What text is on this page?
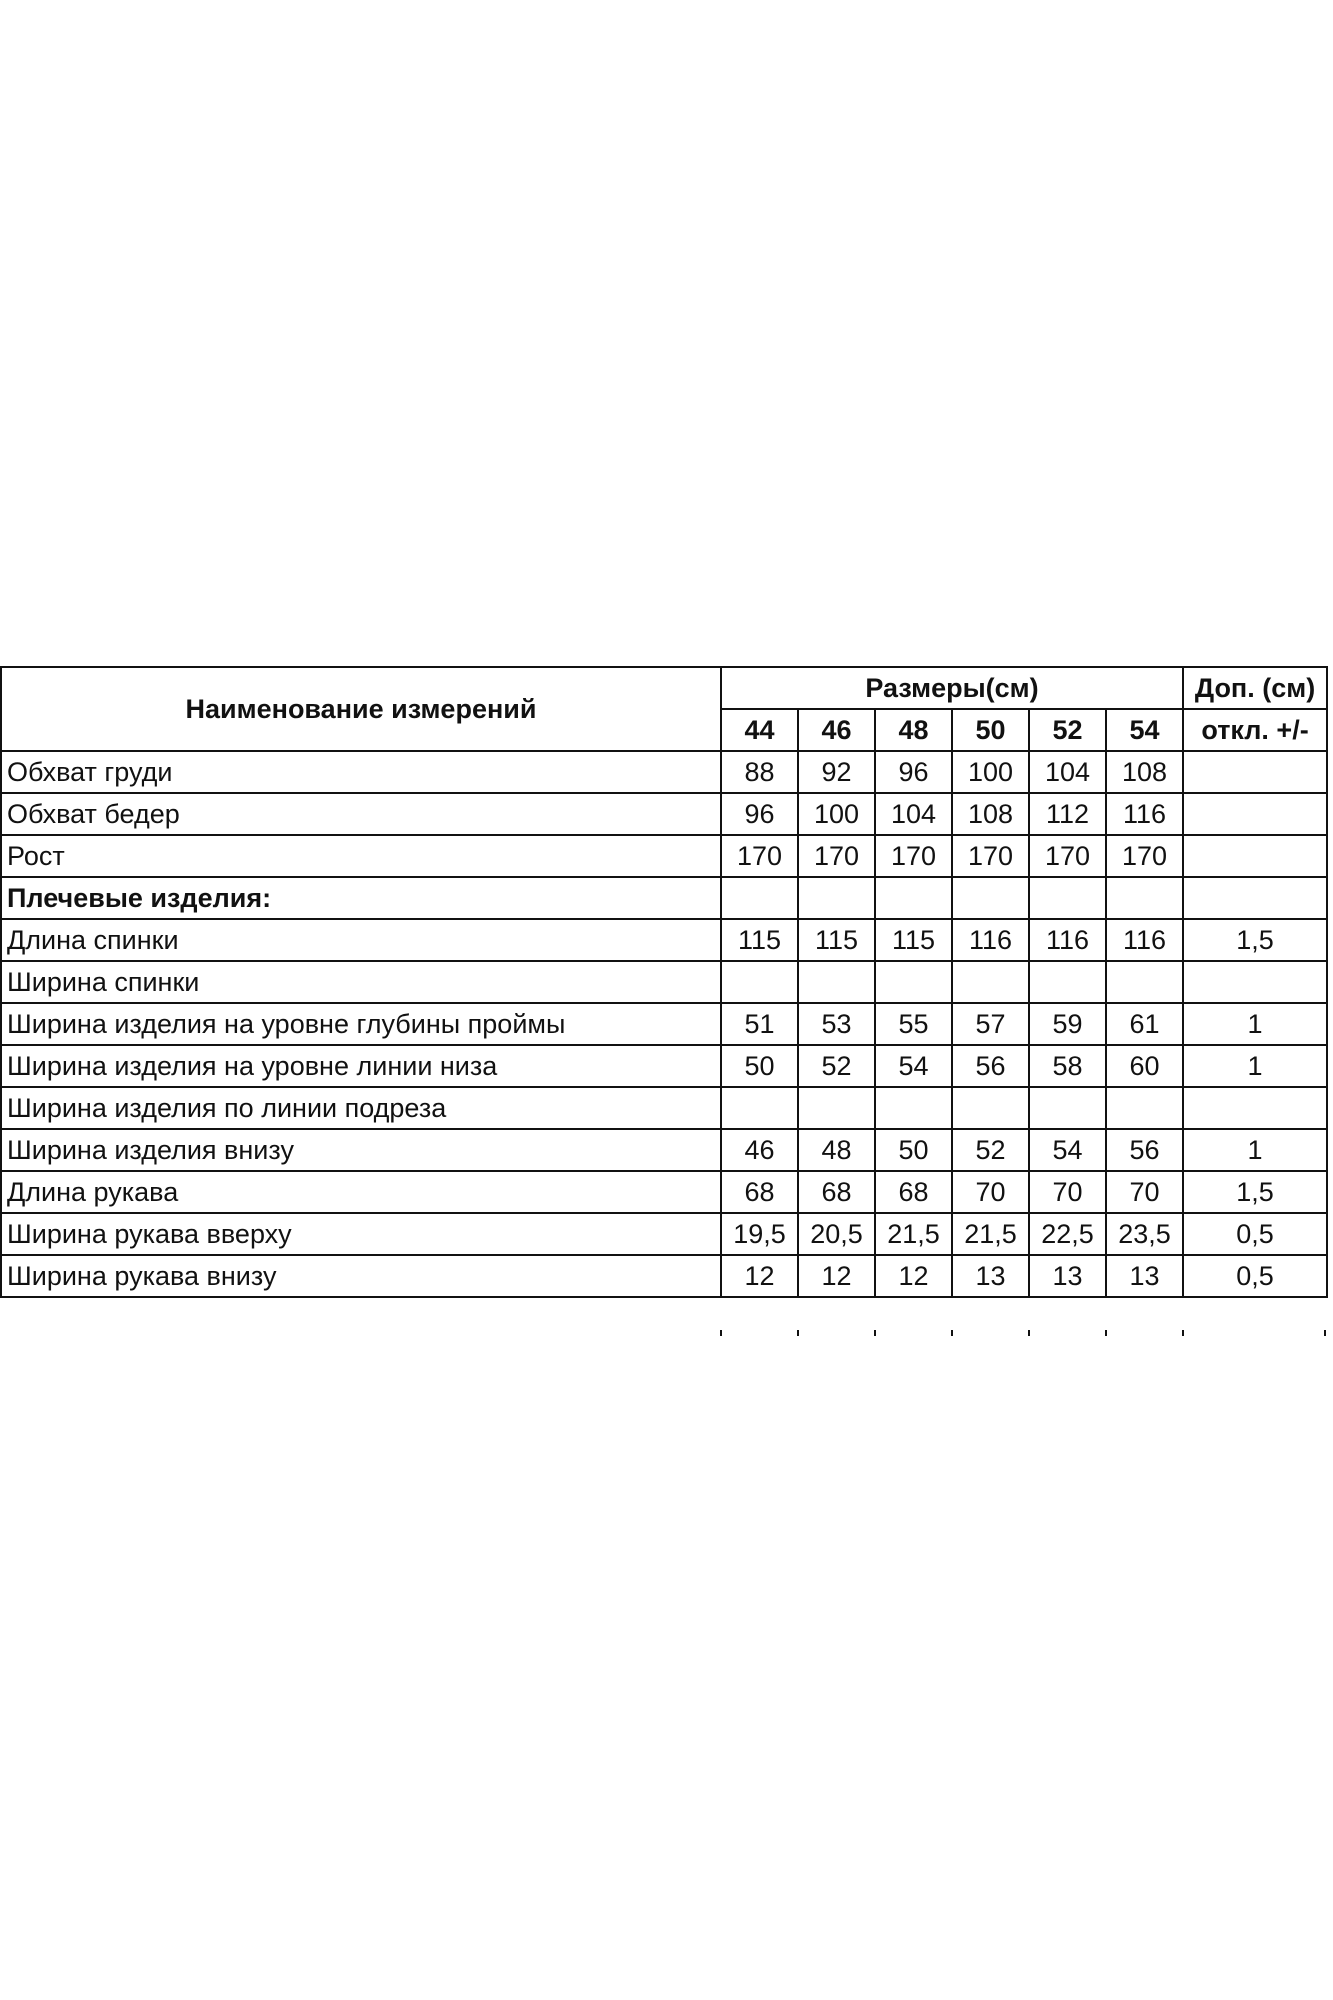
Наименование измерений	Размеры(см)						Доп. (см)
	44	46	48	50	52	54	откл. +/-
Обхват груди	88	92	96	100	104	108	
Обхват бедер	96	100	104	108	112	116	
Рост	170	170	170	170	170	170	
Плечевые изделия:							
Длина спинки	115	115	115	116	116	116	1,5
Ширина спинки							
Ширина изделия на уровне глубины проймы	51	53	55	57	59	61	1
Ширина изделия на уровне линии низа	50	52	54	56	58	60	1
Ширина изделия по линии подреза							
Ширина изделия внизу	46	48	50	52	54	56	1
Длина рукава	68	68	68	70	70	70	1,5
Ширина рукава вверху	19,5	20,5	21,5	21,5	22,5	23,5	0,5
Ширина рукава внизу	12	12	12	13	13	13	0,5
